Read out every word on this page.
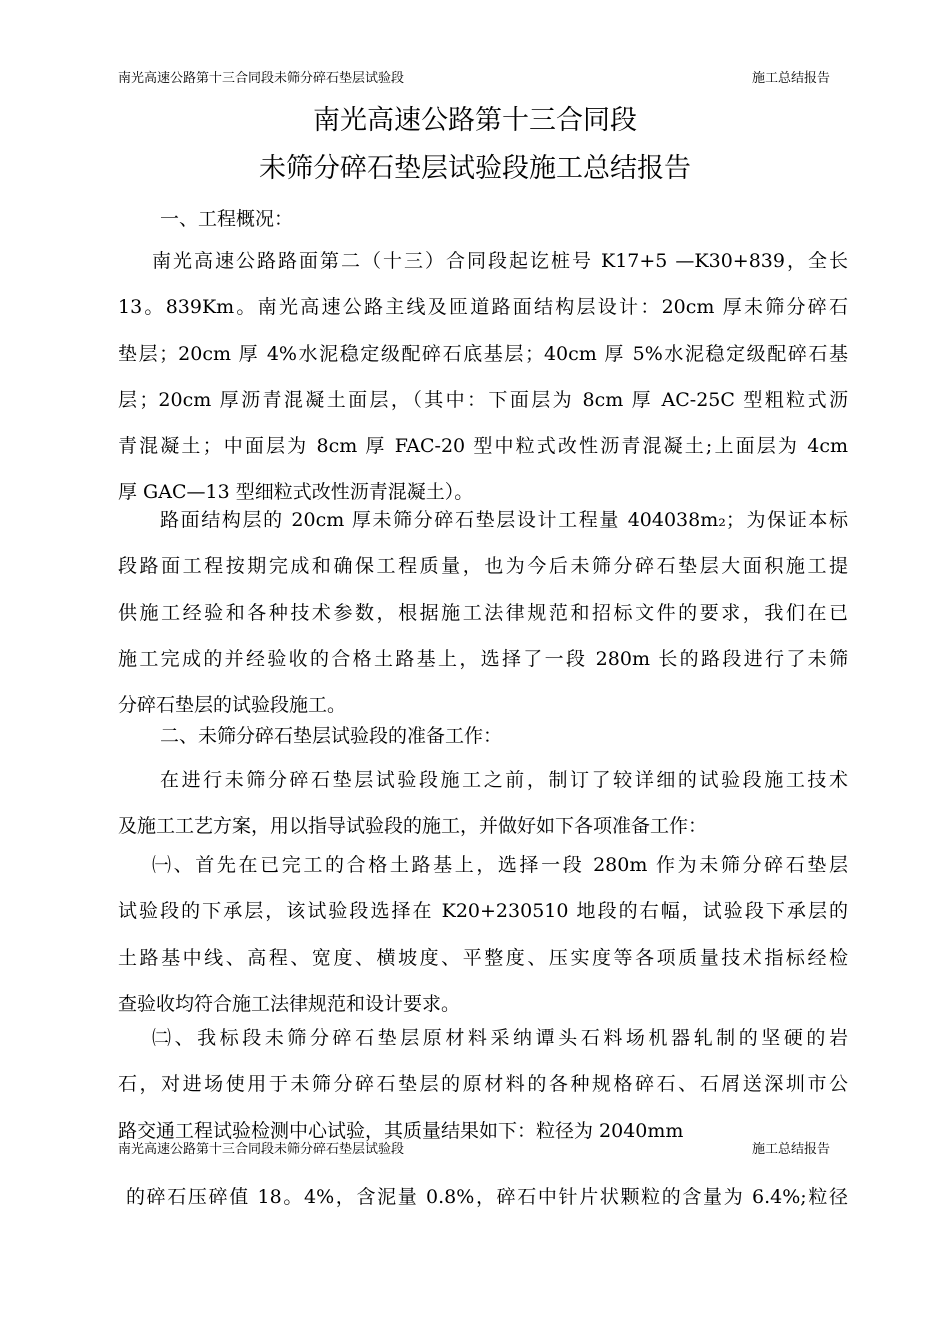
南光高速公路第十三合同段未筛分碎石垫层试验段	施工总结报告
南光高速公路第十三合同段
未筛分碎石垫层试验段施工总结报告
一、工程概况：
南光高速公路路面第二（十三）合同段起讫桩号 K17+5 —K30+839，全长
13。839Km。南光高速公路主线及匝道路面结构层设计：20cm 厚未筛分碎石
垫层；20cm 厚 4%水泥稳定级配碎石底基层；40cm 厚 5%水泥稳定级配碎石基
层；20cm 厚沥青混凝土面层，（其中：下面层为 8cm 厚 AC-25C 型粗粒式沥
青混凝土；中面层为 8cm 厚 FAC-20 型中粒式改性沥青混凝土;上面层为 4cm
厚 GAC—13 型细粒式改性沥青混凝土）。
路面结构层的 20cm 厚未筛分碎石垫层设计工程量 404038m₂；为保证本标
段路面工程按期完成和确保工程质量，也为今后未筛分碎石垫层大面积施工提
供施工经验和各种技术参数，根据施工法律规范和招标文件的要求，我们在已
施工完成的并经验收的合格土路基上，选择了一段 280m 长的路段进行了未筛
分碎石垫层的试验段施工。
二、未筛分碎石垫层试验段的准备工作：
在进行未筛分碎石垫层试验段施工之前，制订了较详细的试验段施工技术
及施工工艺方案，用以指导试验段的施工，并做好如下各项准备工作：
㈠、首先在已完工的合格土路基上，选择一段 280m 作为未筛分碎石垫层
试验段的下承层，该试验段选择在 K20+230510 地段的右幅，试验段下承层的
土路基中线、高程、宽度、横坡度、平整度、压实度等各项质量技术指标经检
查验收均符合施工法律规范和设计要求。
㈡、我标段未筛分碎石垫层原材料采纳谭头石料场机器轧制的坚硬的岩
石，对进场使用于未筛分碎石垫层的原材料的各种规格碎石、石屑送深圳市公
路交通工程试验检测中心试验，其质量结果如下：粒径为 2040mm
南光高速公路第十三合同段未筛分碎石垫层试验段	施工总结报告
的碎石压碎值 18。4%，含泥量 0.8%，碎石中针片状颗粒的含量为 6.4%;粒径
